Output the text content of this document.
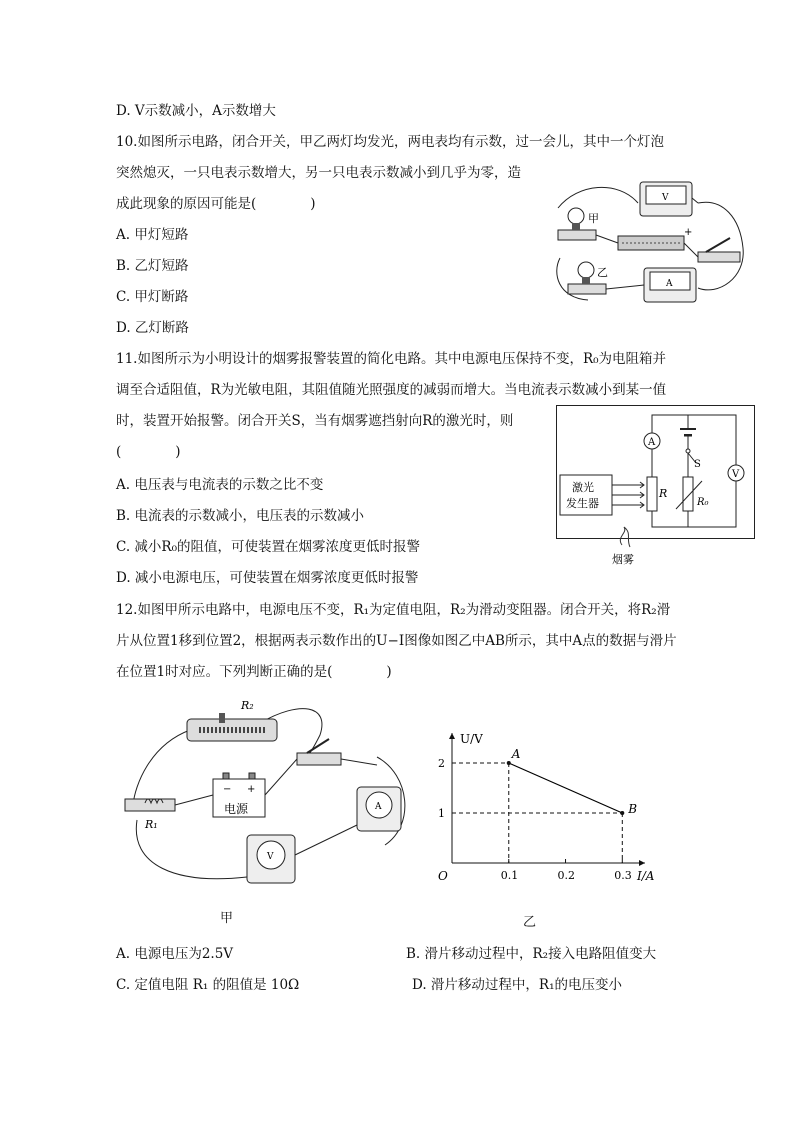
D. V示数减小，A示数增大
10.如图所示电路，闭合开关，甲乙两灯均发光，两电表均有示数，过一会儿，其中一个灯泡
突然熄灭，一只电表示数增大，另一只电表示数减小到几乎为零，造
成此现象的原因可能是(　　　　)
A. 甲灯短路
B. 乙灯短路
C. 甲灯断路
D. 乙灯断路
甲
乙
V
+
A
11.如图所示为小明设计的烟雾报警装置的简化电路。其中电源电压保持不变，R₀为电阻箱并
调至合适阻值，R为光敏电阻，其阻值随光照强度的减弱而增大。当电流表示数减小到某一值
时，装置开始报警。闭合开关S，当有烟雾遮挡射向R的激光时，则
(　　　　)
A. 电压表与电流表的示数之比不变
B. 电流表的示数减小，电压表的示数减小
C. 减小R₀的阻值，可使装置在烟雾浓度更低时报警
D. 减小电源电压，可使装置在烟雾浓度更低时报警
S
A
V
R
R₀
激光
发生器
烟雾
12.如图甲所示电路中，电源电压不变，R₁为定值电阻，R₂为滑动变阻器。闭合开关，将R₂滑
片从位置1移到位置2，根据两表示数作出的U−I图像如图乙中AB所示，其中A点的数据与滑片
在位置1时对应。下列判断正确的是(　　　　)
R₂
R₁
电源
− +
A
V
甲
U/V
I/A
O	0.1	0.2	0.3
1
2
A
B
乙
A. 电源电压为2.5V	B. 滑片移动过程中，R₂接入电路阻值变大
C. 定值电阻 R₁ 的阻值是 10Ω	D. 滑片移动过程中，R₁的电压变小
